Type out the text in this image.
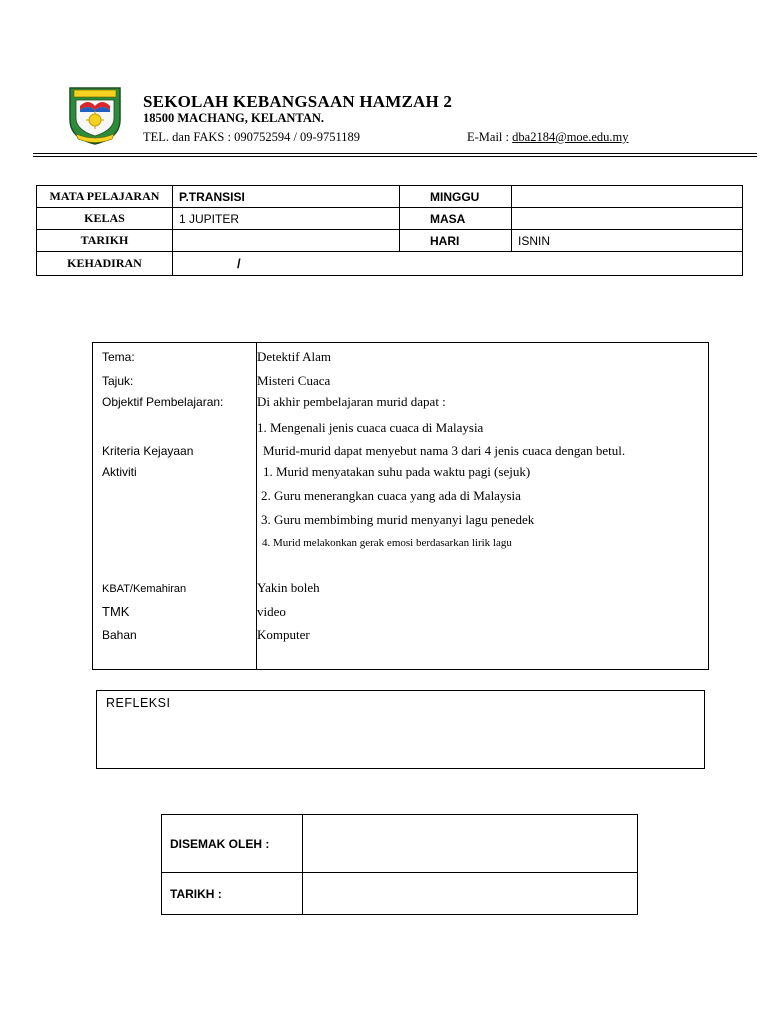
SEKOLAH KEBANGSAAN HAMZAH 2
18500 MACHANG, KELANTAN.
TEL. dan FAKS : 090752594 / 09-9751189	E-Mail : dba2184@moe.edu.my
MATA PELAJARAN	P.TRANSISI	MINGGU	
KELAS	1 JUPITER	MASA	
TARIKH		HARI	ISNIN
KEHADIRAN	/		
Tema:	Detektif Alam
Tajuk:	Misteri Cuaca
Objektif Pembelajaran:	Di akhir pembelajaran murid dapat :
1. Mengenali jenis cuaca cuaca di Malaysia
Kriteria Kejayaan	Murid-murid dapat menyebut nama 3 dari 4 jenis cuaca dengan betul.
Aktiviti	1. Murid menyatakan suhu pada waktu pagi (sejuk)
2. Guru menerangkan cuaca yang ada di Malaysia
3. Guru membimbing murid menyanyi lagu penedek
4. Murid melakonkan gerak emosi berdasarkan lirik lagu
KBAT/Kemahiran	Yakin boleh
TMK	video
Bahan	Komputer
REFLEKSI
DISEMAK OLEH :	
TARIKH :	
